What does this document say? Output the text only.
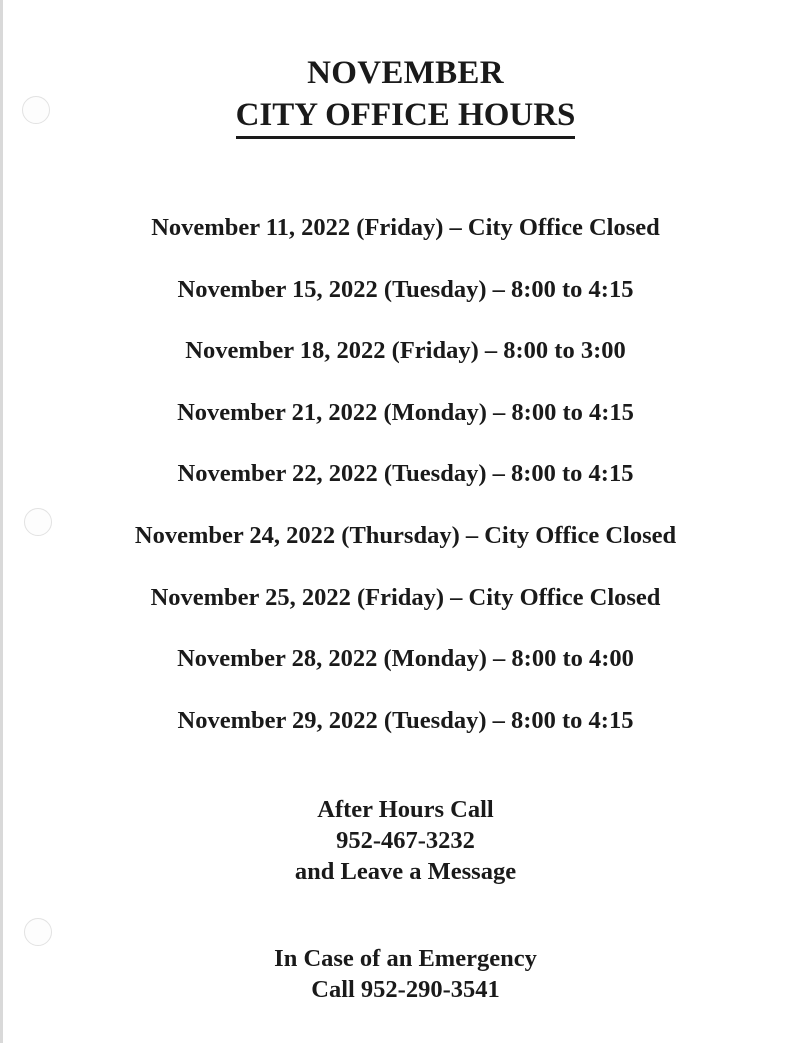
NOVEMBER
CITY OFFICE HOURS
November 11, 2022 (Friday) – City Office Closed
November 15, 2022 (Tuesday) – 8:00 to 4:15
November 18, 2022 (Friday) – 8:00 to 3:00
November 21, 2022 (Monday) – 8:00 to 4:15
November 22, 2022 (Tuesday) – 8:00 to 4:15
November 24, 2022 (Thursday) – City Office Closed
November 25, 2022 (Friday) – City Office Closed
November 28, 2022 (Monday) – 8:00 to 4:00
November 29, 2022 (Tuesday) – 8:00 to 4:15
After Hours Call
952-467-3232
and Leave a Message
In Case of an Emergency
Call 952-290-3541
